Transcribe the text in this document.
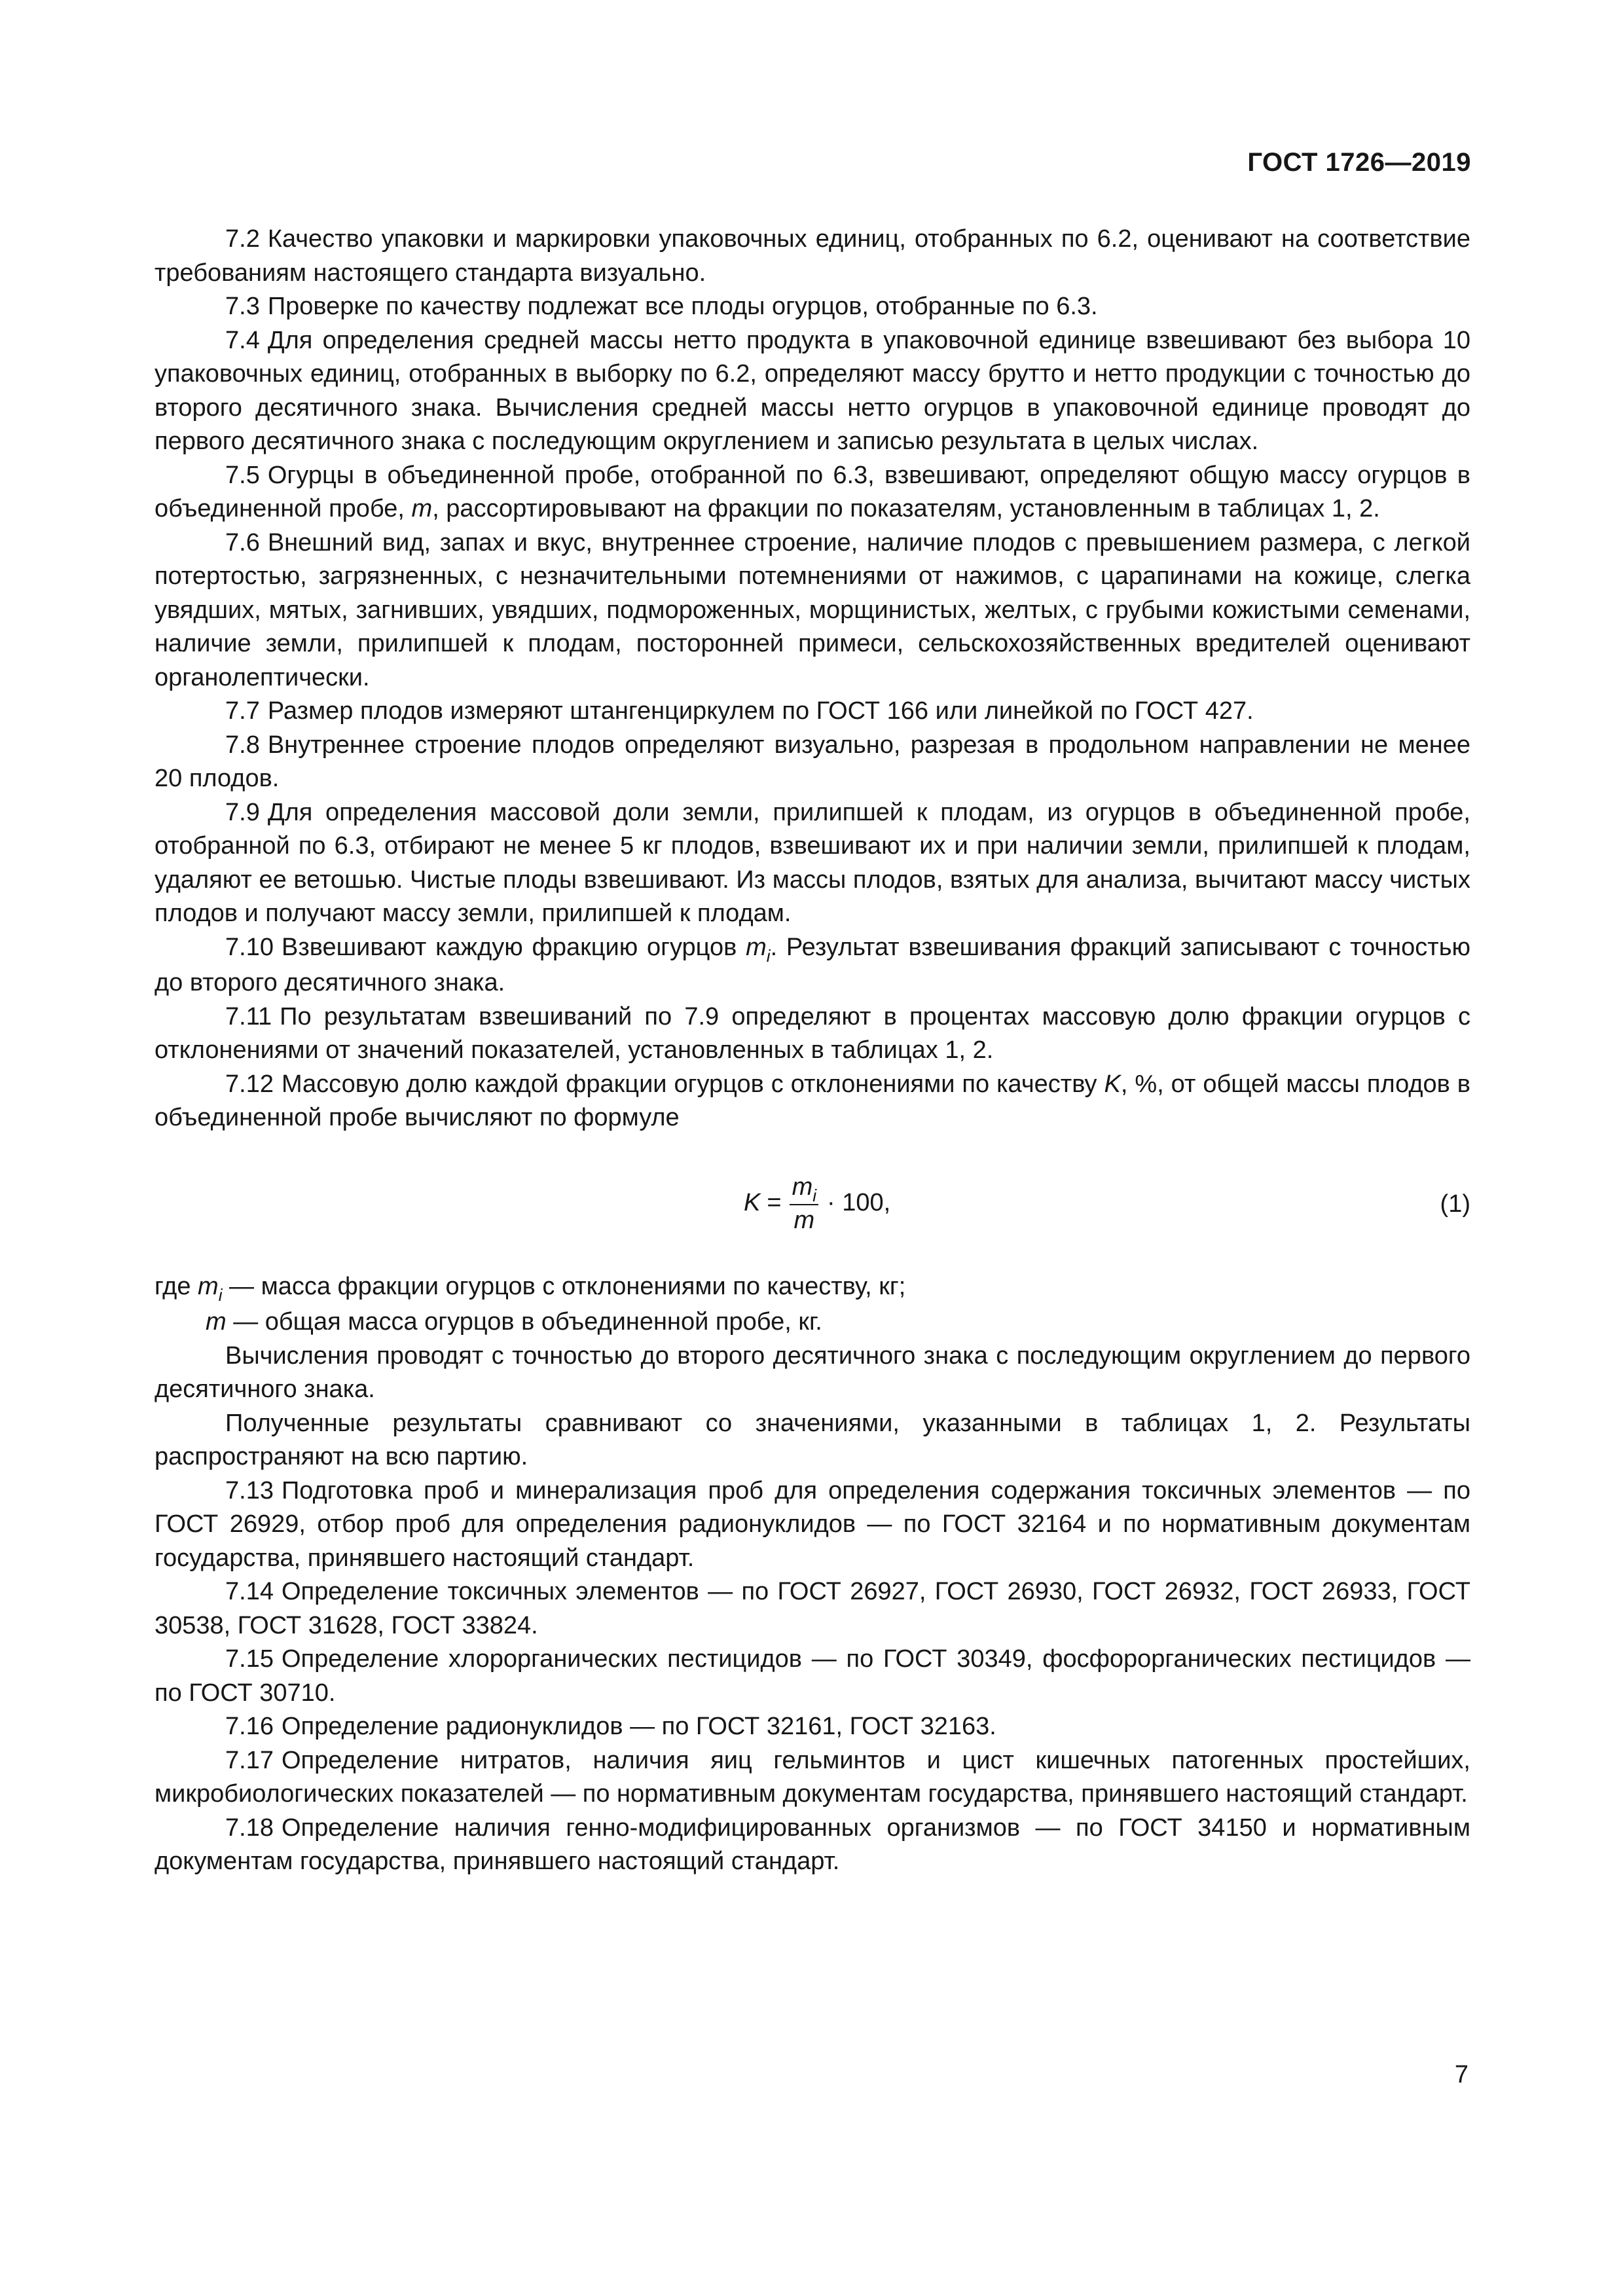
ГОСТ 1726—2019

7.2 Качество упаковки и маркировки упаковочных единиц, отобранных по 6.2, оценивают на соответствие требованиям настоящего стандарта визуально.

7.3 Проверке по качеству подлежат все плоды огурцов, отобранные по 6.3.

7.4 Для определения средней массы нетто продукта в упаковочной единице взвешивают без выбора 10 упаковочных единиц, отобранных в выборку по 6.2, определяют массу брутто и нетто продукции с точностью до второго десятичного знака. Вычисления средней массы нетто огурцов в упаковочной единице проводят до первого десятичного знака с последующим округлением и записью результата в целых числах.

7.5 Огурцы в объединенной пробе, отобранной по 6.3, взвешивают, определяют общую массу огурцов в объединенной пробе, m, рассортировывают на фракции по показателям, установленным в таблицах 1, 2.

7.6 Внешний вид, запах и вкус, внутреннее строение, наличие плодов с превышением размера, с легкой потертостью, загрязненных, с незначительными потемнениями от нажимов, с царапинами на кожице, слегка увядших, мятых, загнивших, увядших, подмороженных, морщинистых, желтых, с грубыми кожистыми семенами, наличие земли, прилипшей к плодам, посторонней примеси, сельскохозяйственных вредителей оценивают органолептически.

7.7 Размер плодов измеряют штангенциркулем по ГОСТ 166 или линейкой по ГОСТ 427.

7.8 Внутреннее строение плодов определяют визуально, разрезая в продольном направлении не менее 20 плодов.

7.9 Для определения массовой доли земли, прилипшей к плодам, из огурцов в объединенной пробе, отобранной по 6.3, отбирают не менее 5 кг плодов, взвешивают их и при наличии земли, прилипшей к плодам, удаляют ее ветошью. Чистые плоды взвешивают. Из массы плодов, взятых для анализа, вычитают массу чистых плодов и получают массу земли, прилипшей к плодам.

7.10 Взвешивают каждую фракцию огурцов $m_i$. Результат взвешивания фракций записывают с точностью до второго десятичного знака.

7.11 По результатам взвешиваний по 7.9 определяют в процентах массовую долю фракции огурцов с отклонениями от значений показателей, установленных в таблицах 1, 2.

7.12 Массовую долю каждой фракции огурцов с отклонениями по качеству K, %, от общей массы плодов в объединенной пробе вычисляют по формуле

$K = \frac{m_i}{m} \cdot 100$,	(1)

где $m_i$ — масса фракции огурцов с отклонениями по качеству, кг;

m — общая масса огурцов в объединенной пробе, кг.

Вычисления проводят с точностью до второго десятичного знака с последующим округлением до первого десятичного знака.

Полученные результаты сравнивают со значениями, указанными в таблицах 1, 2. Результаты распространяют на всю партию.

7.13 Подготовка проб и минерализация проб для определения содержания токсичных элементов — по ГОСТ 26929, отбор проб для определения радионуклидов — по ГОСТ 32164 и по нормативным документам государства, принявшего настоящий стандарт.

7.14 Определение токсичных элементов — по ГОСТ 26927, ГОСТ 26930, ГОСТ 26932, ГОСТ 26933, ГОСТ 30538, ГОСТ 31628, ГОСТ 33824.

7.15 Определение хлорорганических пестицидов — по ГОСТ 30349, фосфорорганических пестицидов — по ГОСТ 30710.

7.16 Определение радионуклидов — по ГОСТ 32161, ГОСТ 32163.

7.17 Определение нитратов, наличия яиц гельминтов и цист кишечных патогенных простейших, микробиологических показателей — по нормативным документам государства, принявшего настоящий стандарт.

7.18 Определение наличия генно-модифицированных организмов — по ГОСТ 34150 и нормативным документам государства, принявшего настоящий стандарт.

7
